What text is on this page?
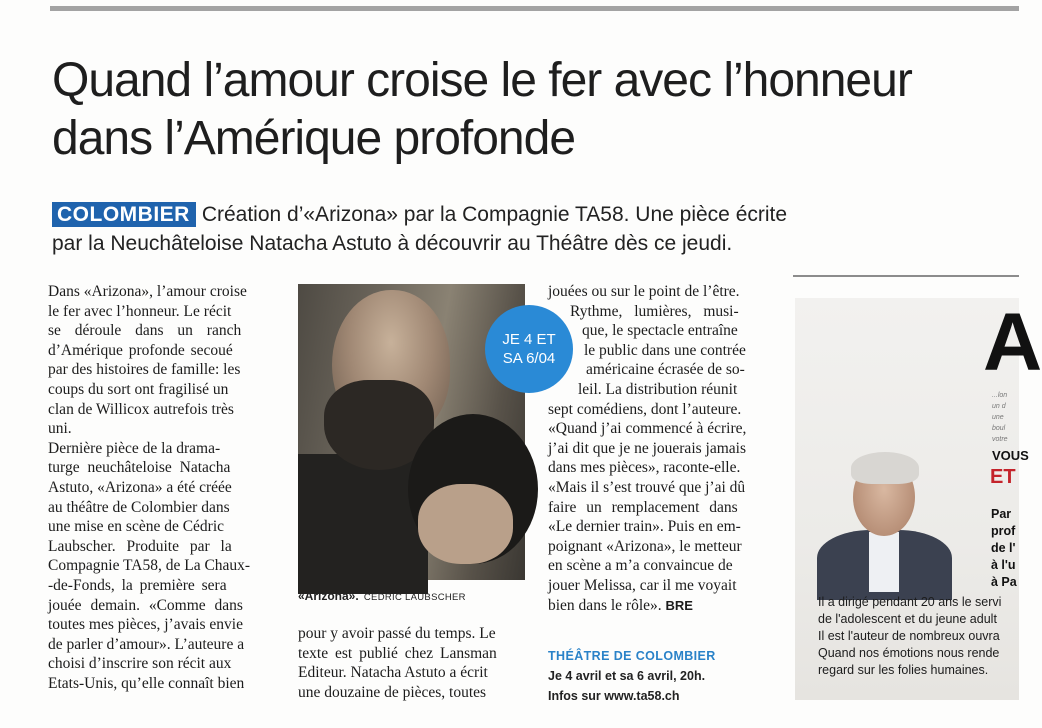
Quand l’amour croise le fer avec l’honneur dans l’Amérique profonde
COLOMBIER Création d’«Arizona» par la Compagnie TA58. Une pièce écrite
par la Neuchâteloise Natacha Astuto à découvrir au Théâtre dès ce jeudi.
Dans «Arizona», l’amour croise
le fer avec l’honneur. Le récit
se déroule dans un ranch
d’Amérique profonde secoué
par des histoires de famille: les
coups du sort ont fragilisé un
clan de Willicox autrefois très
uni.
Dernière pièce de la drama-
turge neuchâteloise Natacha
Astuto, «Arizona» a été créée
au théâtre de Colombier dans
une mise en scène de Cédric
Laubscher. Produite par la
Compagnie TA58, de La Chaux-
-de-Fonds, la première sera
jouée demain. «Comme dans
toutes mes pièces, j’avais envie
de parler d’amour». L’auteure a
choisi d’inscrire son récit aux
Etats-Unis, qu’elle connaît bien
JE 4 ET
SA 6/04
«Arizona». CÉDRIC LAUBSCHER
pour y avoir passé du temps. Le
texte est publié chez Lansman
Editeur. Natacha Astuto a écrit
une douzaine de pièces, toutes
jouées ou sur le point de l’être.
Rythme, lumières, musi-
que, le spectacle entraîne
le public dans une contrée
américaine écrasée de so-
leil. La distribution réunit
sept comédiens, dont l’auteure.
«Quand j’ai commencé à écrire,
j’ai dit que je ne jouerais jamais
dans mes pièces», raconte-elle.
«Mais il s’est trouvé que j’ai dû
faire un remplacement dans
«Le dernier train». Puis en em-
poignant «Arizona», le metteur
en scène a m’a convaincue de
jouer Melissa, car il me voyait
bien dans le rôle». BRE
THÉÂTRE DE COLOMBIER
Je 4 avril et sa 6 avril, 20h.
Infos sur www.ta58.ch
A
...lon
un d
une
boul
votre
VOUS
ET
Par
prof
de l'
à l'u
à Pa
Il a dirigé pendant 20 ans le servi
de l'adolescent et du jeune adult
Il est l'auteur de nombreux ouvra
Quand nos émotions nous rende
regard sur les folies humaines.
